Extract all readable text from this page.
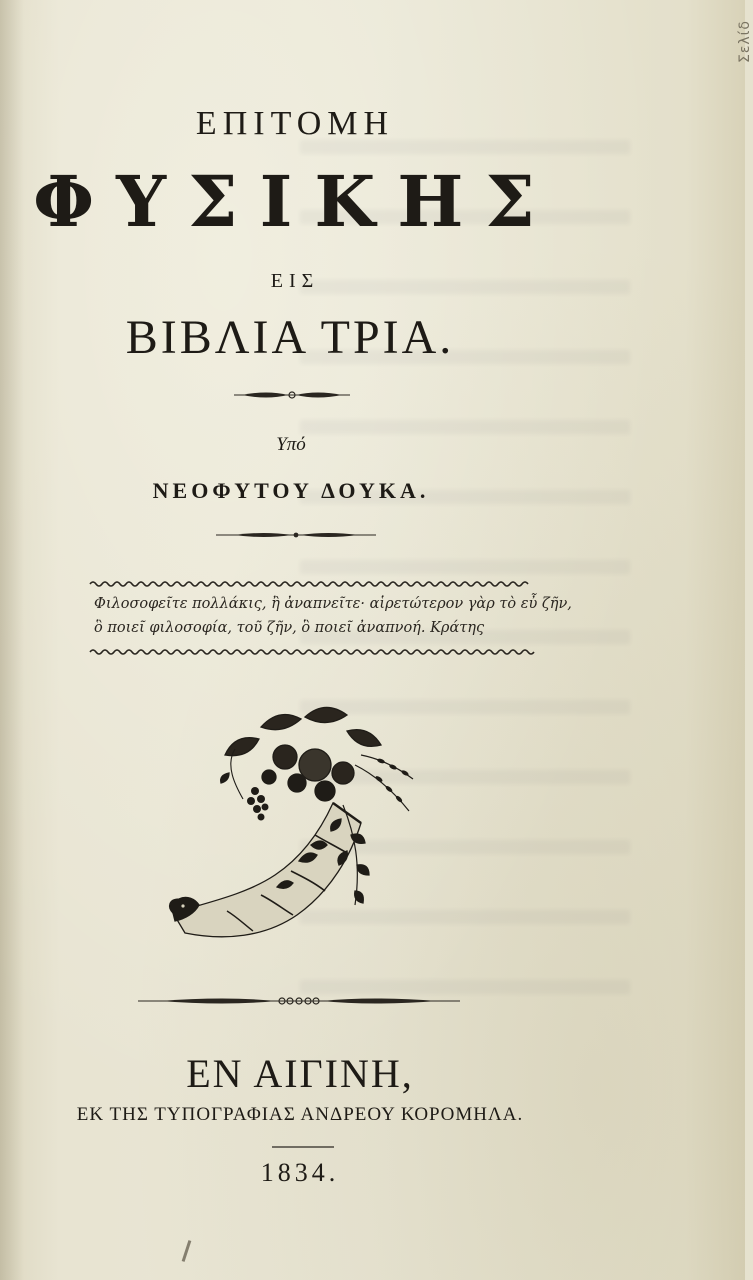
Σελίδ
ΕΠΙΤΟΜΗ
ΦΥΣΙΚΗΣ
ΕΙΣ
ΒΙΒΛΙΑ ΤΡΙΑ.
Υπό
ΝΕΟΦΥΤΟΥ ΔΟΥΚΑ.
Φιλοσοφεῖτε πολλάκις, ἢ ἀναπνεῖτε· αἱρετώτερον γὰρ τὸ εὖ ζῆν,
ὃ ποιεῖ φιλοσοφία, τοῦ ζῆν, ὃ ποιεῖ ἀναπνοή. Κράτης
ΕΝ ΑΙΓΙΝΗ,
ΕΚ ΤΗΣ ΤΥΠΟΓΡΑΦΙΑΣ ΑΝΔΡΕΟΥ ΚΟΡΟΜΗΛΑ.
1834.
